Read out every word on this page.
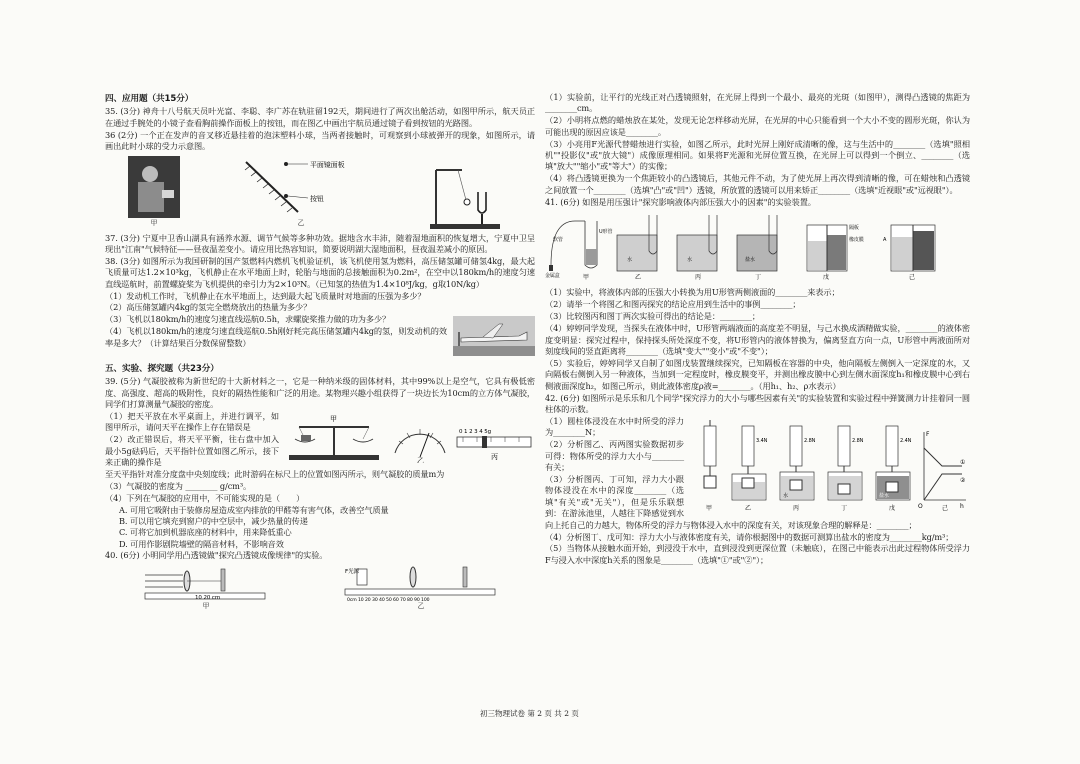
四、应用题（共15分）

35. (3分) 神舟十八号航天员叶光富、李聪、李广苏在轨驻留192天，期间进行了两次出舱活动，如图甲所示，航天员正在通过手腕处的小镜子查看胸前操作面板上的按钮，而在图乙中画出宇航员通过镜子看到按钮的光路图。

36 (2分) 一个正在发声的音叉移近悬挂着的泡沫塑料小球，当两者接触时，可观察到小球被弹开的现象，如图所示，请画出此时小球的受力示意图。

甲
平面镜面板
按钮
乙

37. (3分) 宁夏中卫香山湖具有涵养水源、调节气候等多种功效。据地含水丰沛，随着湿地面积的恢复增大，宁夏中卫呈现出"江南"气候特征——昼夜温差变小。请应用比热容知识，简要说明湖大湿地面积，昼夜温差减小的原因。

38. (3分) 如图所示为我国研制的国产氢燃料内燃机飞机验证机，该飞机使用氢为燃料，高压储氢罐可储氢4kg，最大起飞质量可达1.2×10³kg，飞机静止在水平地面上时，轮胎与地面的总接触面积为0.2m²，在空中以180km/h的速度匀速直线巡航时，前置螺旋桨为飞机提供的牵引力为2×10³N。（已知氢的热值为1.4×10⁸J/kg，g取10N/kg）

（1）发动机工作时，飞机静止在水平地面上，达到最大起飞质量时对地面的压强为多少？

（2）高压储氢罐内4kg的氢完全燃烧放出的热量为多少？

（3）飞机以180km/h的速度匀速直线巡航0.5h，求螺旋桨推力做的功为多少？

（4）飞机以180km/h的速度匀速直线巡航0.5h刚好耗完高压储氢罐内4kg的氢，则发动机的效率是多大？（计算结果百分数保留整数）

五、实验、探究题（共23分）

39. (5分) 气凝胶被称为新世纪的十大新材料之一，它是一种纳米级的固体材料，其中99%以上是空气，它具有极低密度、高强度、超高的吸附性，良好的隔热性能和广泛的用途。某物理兴趣小组获得了一块边长为10cm的立方体气凝胶，同学们打算测量气凝胶的密度。

甲
乙
0 1 2 3 4 5g
丙

（1）把天平放在水平桌面上，并进行调平，如图甲所示，请问天平在操作上存在错误是

（2）改正错误后，将天平平衡，往右盘中加入最小5g砝码后，天平指针位置如图乙所示，接下来正确的操作是

至天平指针对准分度盘中央刻度线；此时游码在标尺上的位置如图丙所示，则气凝胶的质量m为

（3）气凝胶的密度为 ________ g/cm³。

（4）下列在气凝胶的应用中，不可能实现的是（　　）

A. 可用它吸附由于装修房屋造成室内排放的甲醛等有害气体，改善空气质量

B. 可以用它填充到窗户的中空层中，减少热量的传递

C. 可将它加到机器底座的材料中，用来降低重心

D. 可用作影剧院墙壁的隔音材料，不影响音效

40. (6分) 小明同学用凸透镜做"探究凸透镜成像规律"的实验。

10 20 cm
甲
F光源
0cm 10 20 30 40 50 60 70 80 90 100
乙

（1）实验前，让平行的光线正对凸透镜照射，在光屏上得到一个最小、最亮的光斑（如图甲），测得凸透镜的焦距为________cm。

（2）小明将点燃的蜡烛放在某处，发现无论怎样移动光屏，在光屏的中心只能看到一个大小不变的圆形光斑，你认为可能出现的原因应该是________。

（3）小亮用F光源代替蜡烛进行实验，如图乙所示，此时光屏上刚好成清晰的像，这与生活中的________（选填"照相机""投影仪"或"放大镜"）成像原理相同。如果将F光源和光屏位置互换，在光屏上可以得到一个倒立、________（选填"放大""缩小"或"等大"）的实像；

（4）将凸透镜更换为一个焦距较小的凸透镜后，其他元件不动，为了使光屏上再次得到清晰的像，可在蜡烛和凸透镜之间放置一个________（选填"凸"或"凹"）透镜，所放置的透镜可以用来矫正________（选填"近视眼"或"远视眼"）。

41. (6分) 如图是用压强计"探究影响液体内部压强大小的因素"的实验装置。

金属盒
软管
U形管
甲
水
乙
水
丙
盐水
丁
隔板
橡皮膜
戊
A
己

（1）实验中，将液体内部的压强大小转换为用U形管两侧液面的________来表示；

（2）请举一个将图乙和图丙探究的结论应用到生活中的事例________；

（3）比较图丙和图丁两次实验可得出的结论是：________；

（4）婷婷同学发现，当探头在液体中时，U形管两端液面的高度差不明显，与己水换成酒精做实验，________的液体密度变明显：探究过程中，保持探头所处深度不变，将U形管内的液体替换为，偏离竖直方向一点，U形管中两液面所对刻度线间的竖直距离将________（选填"变大""变小"或"不变"）；

（5）实验后，婷婷同学又自制了如图戊装置继续探究，已知隔板在容器的中央，他向隔板左侧倒入一定深度的水，又向隔板右侧倒入另一种液体，当加到一定程度时，橡皮膜变平，并测出橡皮膜中心到左侧水面深度h₁和橡皮膜中心到右侧液面深度h₂，如图己所示，则此液体密度ρ液=________。（用h₁、h₂、ρ水表示）

42. (6分) 如图所示是乐乐和几个同学"探究浮力的大小与哪些因素有关"的实验装置和实验过程中弹簧测力计挂着同一圆柱体的示数。

甲
3.4N
乙
2.8N
水
丙
2.8N
丁
2.4N
盐水
戊
F
h
O
①
②
己

（1）圆柱体浸没在水中时所受的浮力为________N；

（2）分析图乙、丙两图实验数据初步可得：物体所受的浮力大小与________有关；

（3）分析图丙、丁可知，浮力大小跟物体浸没在水中的深度________（选填"有关"或"无关"），但是乐乐联想到：在游泳池里，人越往下降感觉到水向上托自己的力越大，物体所受的浮力与物体浸入水中的深度有关，对该现象合理的解释是：________；

（4）分析图丁、戊可知：浮力大小与液体密度有关，请你根据图中的数据可测算出盐水的密度为________kg/m³；

（5）当物体从接触水面开始，到浸没于水中，直到浸没到更深位置（未触底），在图己中能表示出此过程物体所受浮力F与浸入水中深度h关系的图象是________（选填"①"或"②"）；

初三物理试卷 第 2 页 共 2 页
